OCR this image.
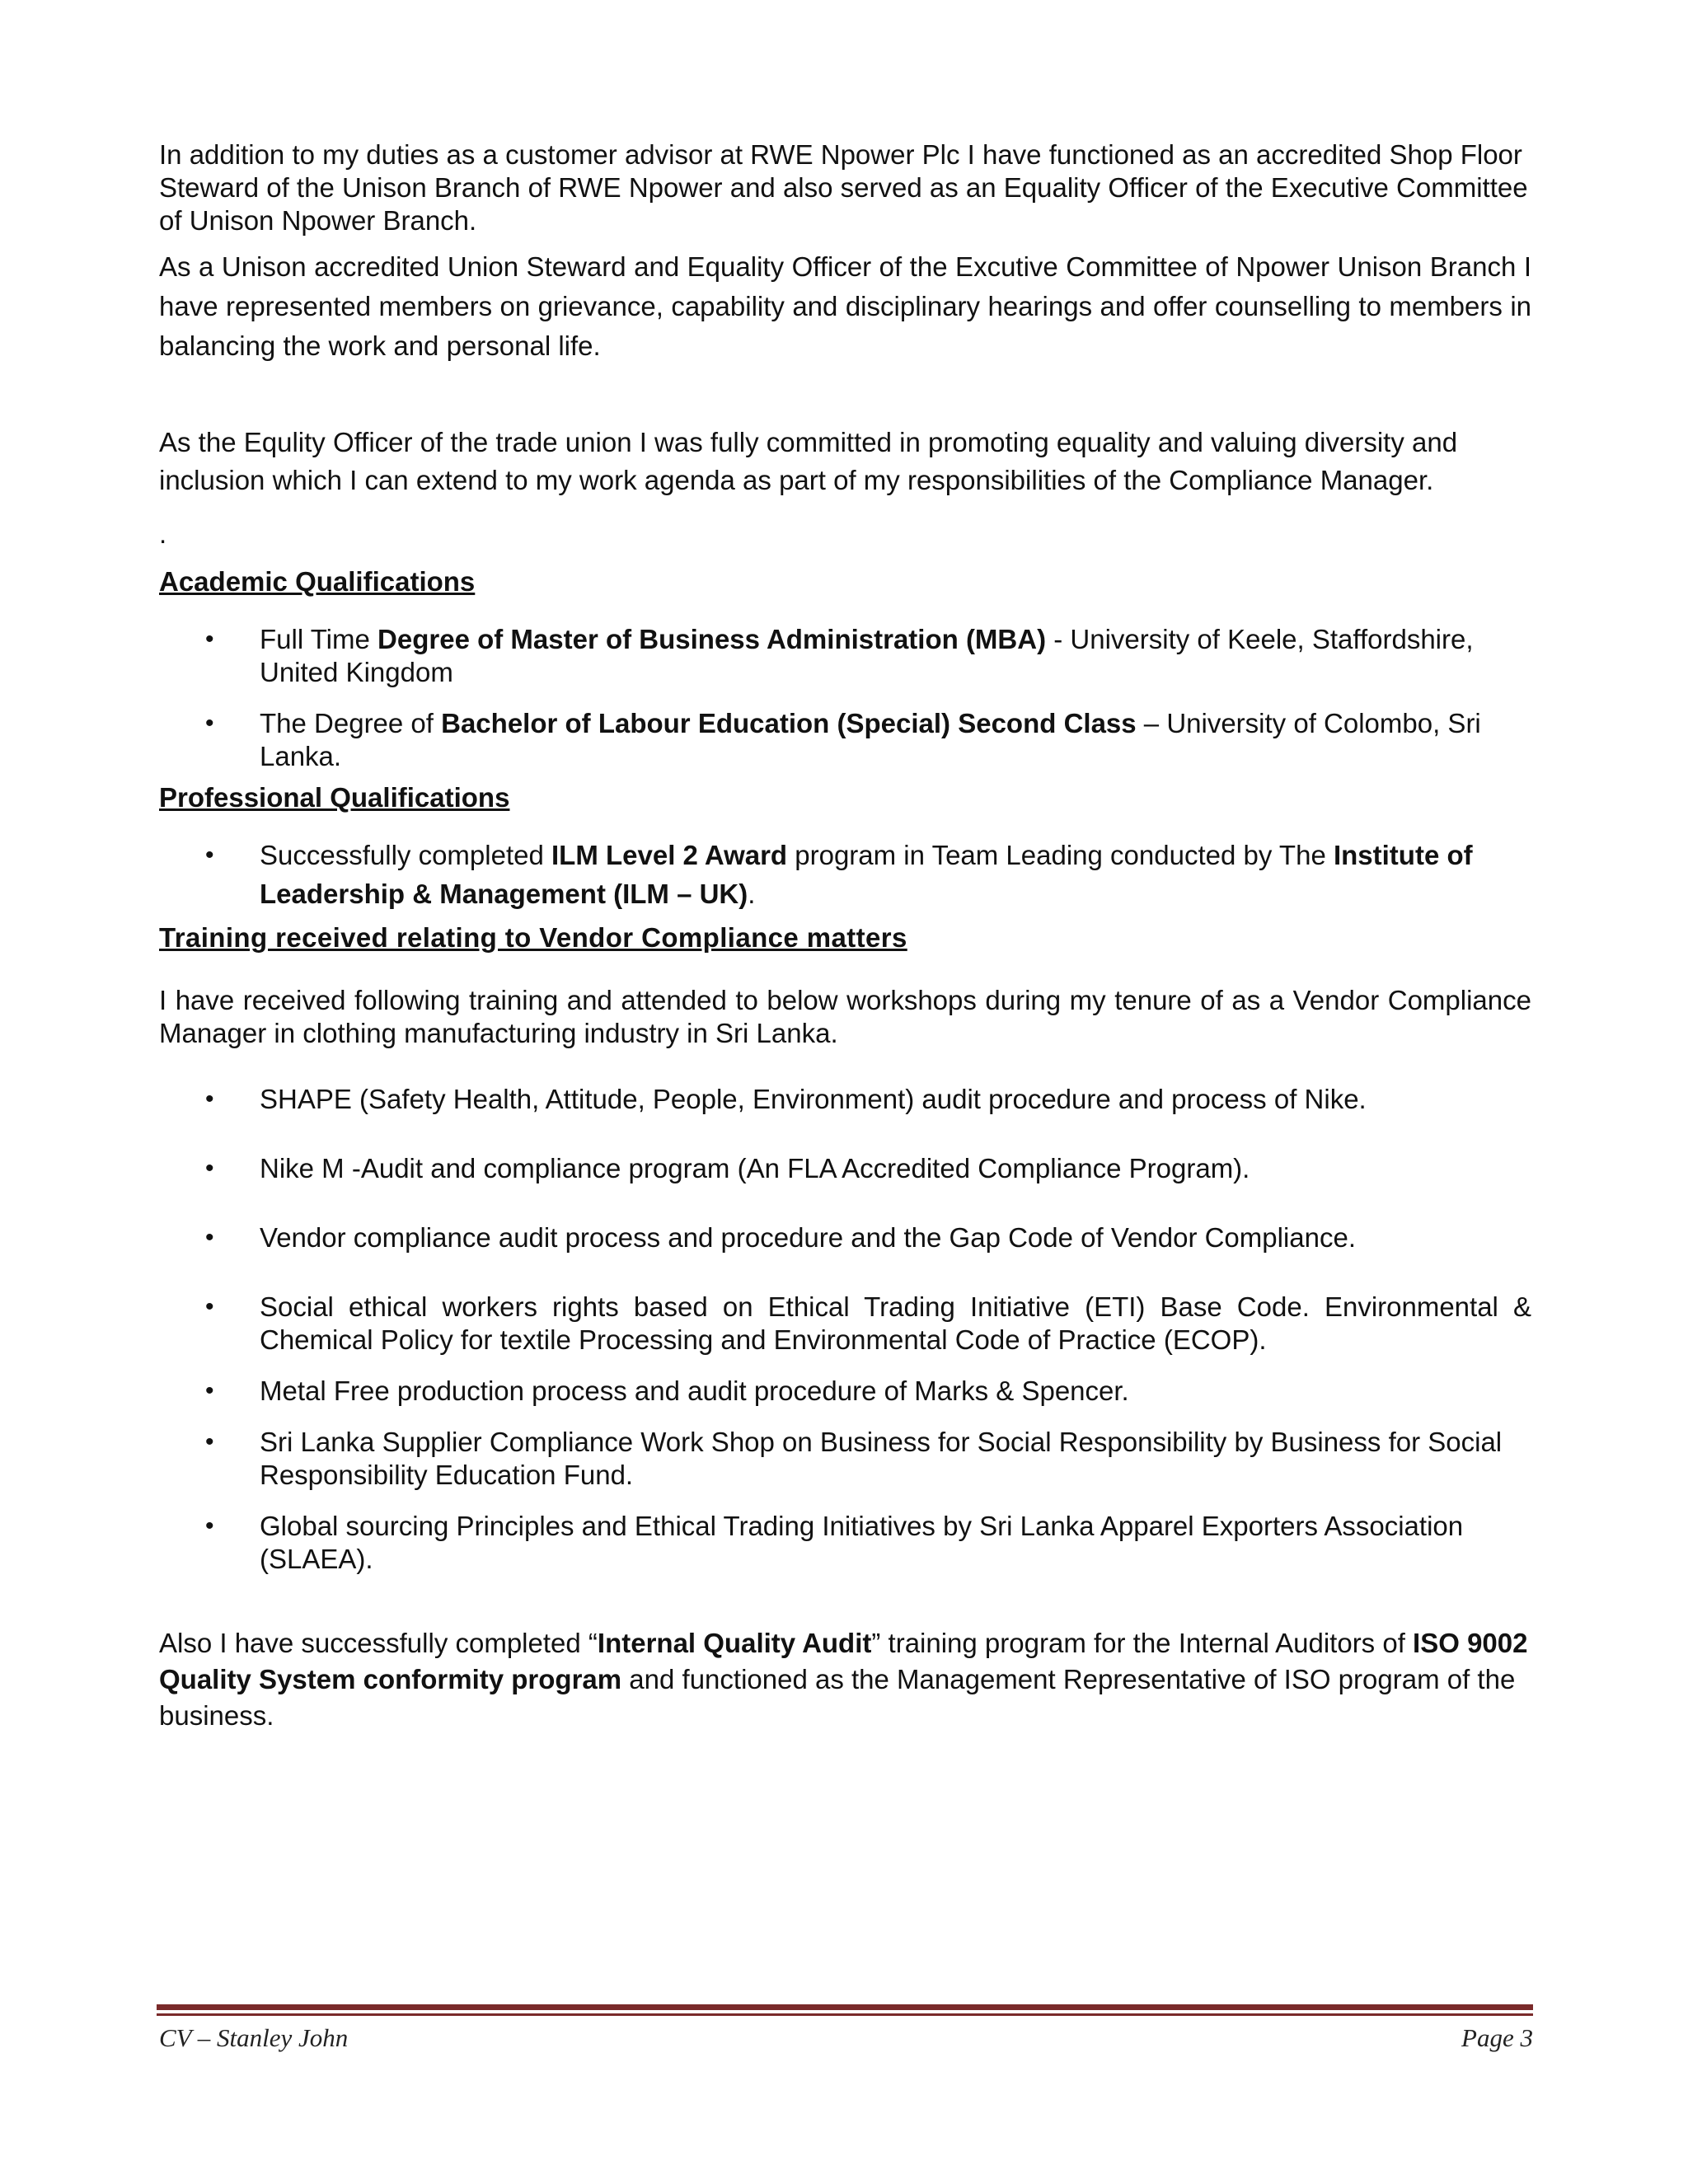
In addition to my duties as a customer advisor at RWE Npower Plc I have functioned as an accredited Shop Floor Steward of the Unison Branch of RWE Npower and also served as an Equality Officer of the Executive Committee of Unison Npower Branch.

As a Unison accredited Union Steward and Equality Officer of the Excutive Committee of Npower Unison Branch I have represented members on grievance, capability and disciplinary hearings and offer counselling to members in balancing the work and personal life.

As the Equlity Officer of the trade union I was fully committed in promoting equality and valuing diversity and inclusion which I can extend to my work agenda as part of my responsibilities of the Compliance Manager.

.

Academic Qualifications

• Full Time Degree of Master of Business Administration (MBA) - University of Keele, Staffordshire, United Kingdom
• The Degree of Bachelor of Labour Education (Special) Second Class – University of Colombo, Sri Lanka.

Professional Qualifications

• Successfully completed ILM Level 2 Award program in Team Leading conducted by The Institute of Leadership & Management (ILM – UK).

Training received relating to Vendor Compliance matters

I have received following training and attended to below workshops during my tenure of as a Vendor Compliance Manager in clothing manufacturing industry in Sri Lanka.

• SHAPE (Safety Health, Attitude, People, Environment) audit procedure and process of Nike.
• Nike M -Audit and compliance program (An FLA Accredited Compliance Program).
• Vendor compliance audit process and procedure and the Gap Code of Vendor Compliance.
• Social ethical workers rights based on Ethical Trading Initiative (ETI) Base Code. Environmental & Chemical Policy for textile Processing and Environmental Code of Practice (ECOP).
• Metal Free production process and audit procedure of Marks & Spencer.
• Sri Lanka Supplier Compliance Work Shop on Business for Social Responsibility by Business for Social Responsibility Education Fund.
• Global sourcing Principles and Ethical Trading Initiatives by Sri Lanka Apparel Exporters Association (SLAEA).

Also I have successfully completed “Internal Quality Audit” training program for the Internal Auditors of ISO 9002 Quality System conformity program and functioned as the Management Representative of ISO program of the business.

CV – Stanley John	Page 3
